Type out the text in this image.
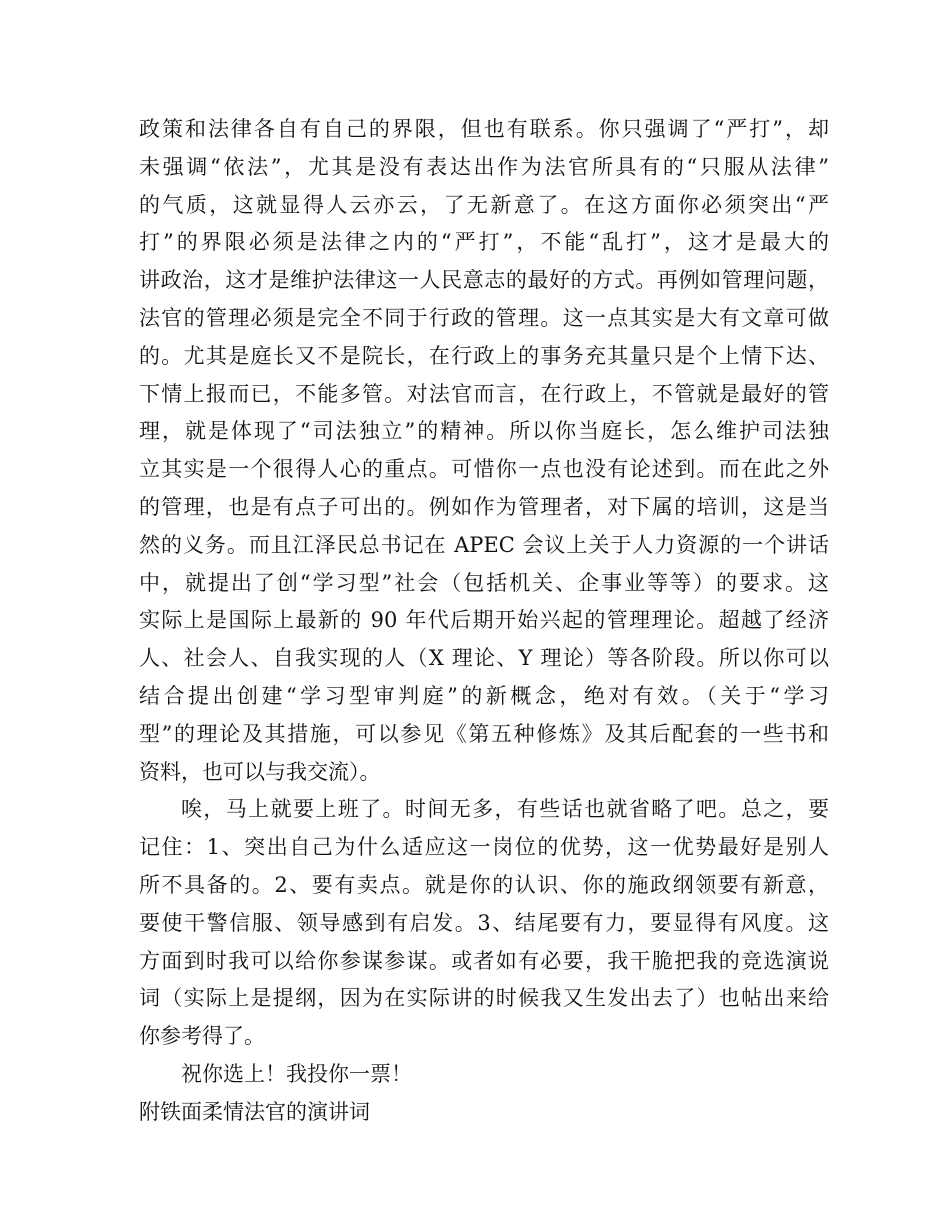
政策和法律各自有自己的界限，但也有联系。你只强调了“严打”，却
未强调“依法”，尤其是没有表达出作为法官所具有的“只服从法律”
的气质，这就显得人云亦云，了无新意了。在这方面你必须突出“严
打”的界限必须是法律之内的“严打”，不能“乱打”，这才是最大的
讲政治，这才是维护法律这一人民意志的最好的方式。再例如管理问题，
法官的管理必须是完全不同于行政的管理。这一点其实是大有文章可做
的。尤其是庭长又不是院长，在行政上的事务充其量只是个上情下达、
下情上报而已，不能多管。对法官而言，在行政上，不管就是最好的管
理，就是体现了“司法独立”的精神。所以你当庭长，怎么维护司法独
立其实是一个很得人心的重点。可惜你一点也没有论述到。而在此之外
的管理，也是有点子可出的。例如作为管理者，对下属的培训，这是当
然的义务。而且江泽民总书记在 APEC 会议上关于人力资源的一个讲话
中，就提出了创“学习型”社会（包括机关、企事业等等）的要求。这
实际上是国际上最新的 90 年代后期开始兴起的管理理论。超越了经济
人、社会人、自我实现的人（X 理论、Y 理论）等各阶段。所以你可以
结合提出创建“学习型审判庭”的新概念，绝对有效。（关于“学习
型”的理论及其措施，可以参见《第五种修炼》及其后配套的一些书和
资料，也可以与我交流）。
唉，马上就要上班了。时间无多，有些话也就省略了吧。总之，要
记住：1、突出自己为什么适应这一岗位的优势，这一优势最好是别人
所不具备的。2、要有卖点。就是你的认识、你的施政纲领要有新意，
要使干警信服、领导感到有启发。3、结尾要有力，要显得有风度。这
方面到时我可以给你参谋参谋。或者如有必要，我干脆把我的竞选演说
词（实际上是提纲，因为在实际讲的时候我又生发出去了）也帖出来给
你参考得了。
祝你选上！我投你一票！
附铁面柔情法官的演讲词
